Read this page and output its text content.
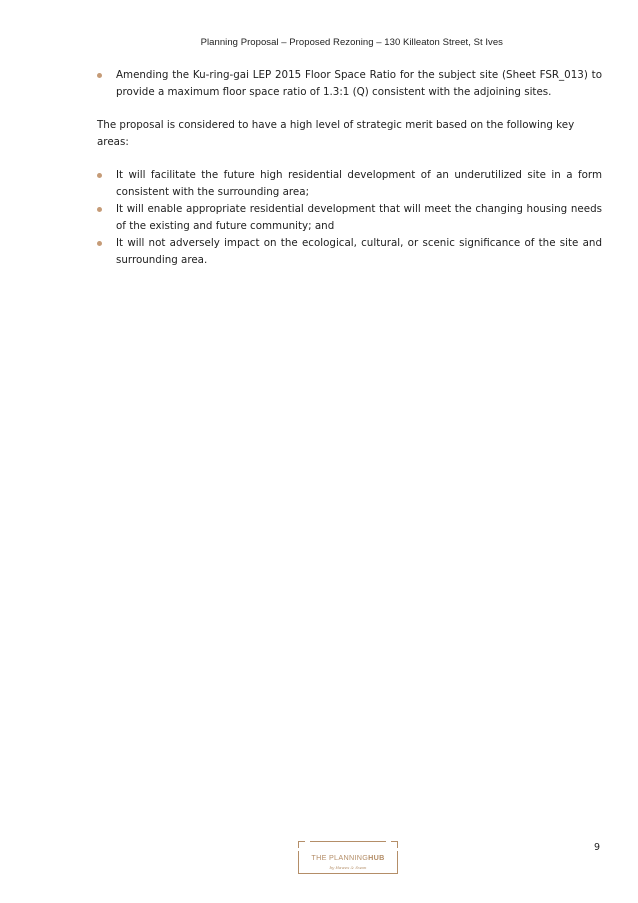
Planning Proposal – Proposed Rezoning – 130 Killeaton Street, St Ives
Amending the Ku-ring-gai LEP 2015 Floor Space Ratio for the subject site (Sheet FSR_013) to provide a maximum floor space ratio of 1.3:1 (Q) consistent with the adjoining sites.

The proposal is considered to have a high level of strategic merit based on the following key areas:

It will facilitate the future high residential development of an underutilized site in a form consistent with the surrounding area;
It will enable appropriate residential development that will meet the changing housing needs of the existing and future community; and
It will not adversely impact on the ecological, cultural, or scenic significance of the site and surrounding area.
THE PLANNINGHUB
by Hawes & Swan
9
